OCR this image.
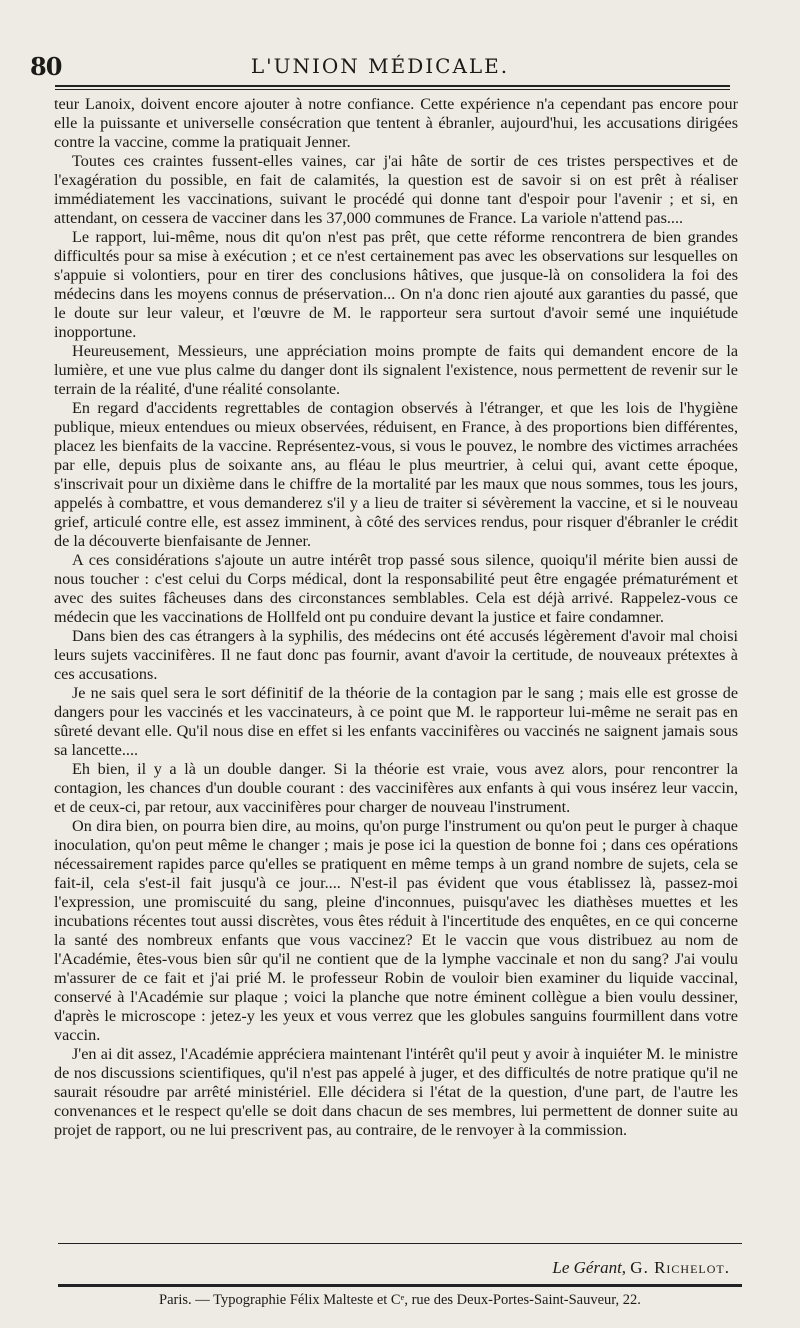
80	L'UNION MÉDICALE.

teur Lanoix, doivent encore ajouter à notre confiance. Cette expérience n'a cependant pas encore pour elle la puissante et universelle consécration que tentent à ébranler, aujourd'hui, les accusations dirigées contre la vaccine, comme la pratiquait Jenner.

Toutes ces craintes fussent-elles vaines, car j'ai hâte de sortir de ces tristes perspectives et de l'exagération du possible, en fait de calamités, la question est de savoir si on est prêt à réaliser immédiatement les vaccinations, suivant le procédé qui donne tant d'espoir pour l'avenir ; et si, en attendant, on cessera de vacciner dans les 37,000 communes de France. La variole n'attend pas....

Le rapport, lui-même, nous dit qu'on n'est pas prêt, que cette réforme rencontrera de bien grandes difficultés pour sa mise à exécution ; et ce n'est certainement pas avec les observations sur lesquelles on s'appuie si volontiers, pour en tirer des conclusions hâtives, que jusque-là on consolidera la foi des médecins dans les moyens connus de préservation... On n'a donc rien ajouté aux garanties du passé, que le doute sur leur valeur, et l'œuvre de M. le rapporteur sera surtout d'avoir semé une inquiétude inopportune.

Heureusement, Messieurs, une appréciation moins prompte de faits qui demandent encore de la lumière, et une vue plus calme du danger dont ils signalent l'existence, nous permettent de revenir sur le terrain de la réalité, d'une réalité consolante.

En regard d'accidents regrettables de contagion observés à l'étranger, et que les lois de l'hygiène publique, mieux entendues ou mieux observées, réduisent, en France, à des proportions bien différentes, placez les bienfaits de la vaccine. Représentez-vous, si vous le pouvez, le nombre des victimes arrachées par elle, depuis plus de soixante ans, au fléau le plus meurtrier, à celui qui, avant cette époque, s'inscrivait pour un dixième dans le chiffre de la mortalité par les maux que nous sommes, tous les jours, appelés à combattre, et vous demanderez s'il y a lieu de traiter si sévèrement la vaccine, et si le nouveau grief, articulé contre elle, est assez imminent, à côté des services rendus, pour risquer d'ébranler le crédit de la découverte bienfaisante de Jenner.

A ces considérations s'ajoute un autre intérêt trop passé sous silence, quoiqu'il mérite bien aussi de nous toucher : c'est celui du Corps médical, dont la responsabilité peut être engagée prématurément et avec des suites fâcheuses dans des circonstances semblables. Cela est déjà arrivé. Rappelez-vous ce médecin que les vaccinations de Hollfeld ont pu conduire devant la justice et faire condamner.

Dans bien des cas étrangers à la syphilis, des médecins ont été accusés légèrement d'avoir mal choisi leurs sujets vaccinifères. Il ne faut donc pas fournir, avant d'avoir la certitude, de nouveaux prétextes à ces accusations.

Je ne sais quel sera le sort définitif de la théorie de la contagion par le sang ; mais elle est grosse de dangers pour les vaccinés et les vaccinateurs, à ce point que M. le rapporteur lui-même ne serait pas en sûreté devant elle. Qu'il nous dise en effet si les enfants vaccinifères ou vaccinés ne saignent jamais sous sa lancette....

Eh bien, il y a là un double danger. Si la théorie est vraie, vous avez alors, pour rencontrer la contagion, les chances d'un double courant : des vaccinifères aux enfants à qui vous insérez leur vaccin, et de ceux-ci, par retour, aux vaccinifères pour charger de nouveau l'instrument.

On dira bien, on pourra bien dire, au moins, qu'on purge l'instrument ou qu'on peut le purger à chaque inoculation, qu'on peut même le changer ; mais je pose ici la question de bonne foi ; dans ces opérations nécessairement rapides parce qu'elles se pratiquent en même temps à un grand nombre de sujets, cela se fait-il, cela s'est-il fait jusqu'à ce jour.... N'est-il pas évident que vous établissez là, passez-moi l'expression, une promiscuité du sang, pleine d'inconnues, puisqu'avec les diathèses muettes et les incubations récentes tout aussi discrètes, vous êtes réduit à l'incertitude des enquêtes, en ce qui concerne la santé des nombreux enfants que vous vaccinez? Et le vaccin que vous distribuez au nom de l'Académie, êtes-vous bien sûr qu'il ne contient que de la lymphe vaccinale et non du sang? J'ai voulu m'assurer de ce fait et j'ai prié M. le professeur Robin de vouloir bien examiner du liquide vaccinal, conservé à l'Académie sur plaque ; voici la planche que notre éminent collègue a bien voulu dessiner, d'après le microscope : jetez-y les yeux et vous verrez que les globules sanguins fourmillent dans votre vaccin.

J'en ai dit assez, l'Académie appréciera maintenant l'intérêt qu'il peut y avoir à inquiéter M. le ministre de nos discussions scientifiques, qu'il n'est pas appelé à juger, et des difficultés de notre pratique qu'il ne saurait résoudre par arrêté ministériel. Elle décidera si l'état de la question, d'une part, de l'autre les convenances et le respect qu'elle se doit dans chacun de ses membres, lui permettent de donner suite au projet de rapport, ou ne lui prescrivent pas, au contraire, de le renvoyer à la commission.

Le Gérant, G. Richelot.
Paris. — Typographie Félix Malteste et Cᵉ, rue des Deux-Portes-Saint-Sauveur, 22.
